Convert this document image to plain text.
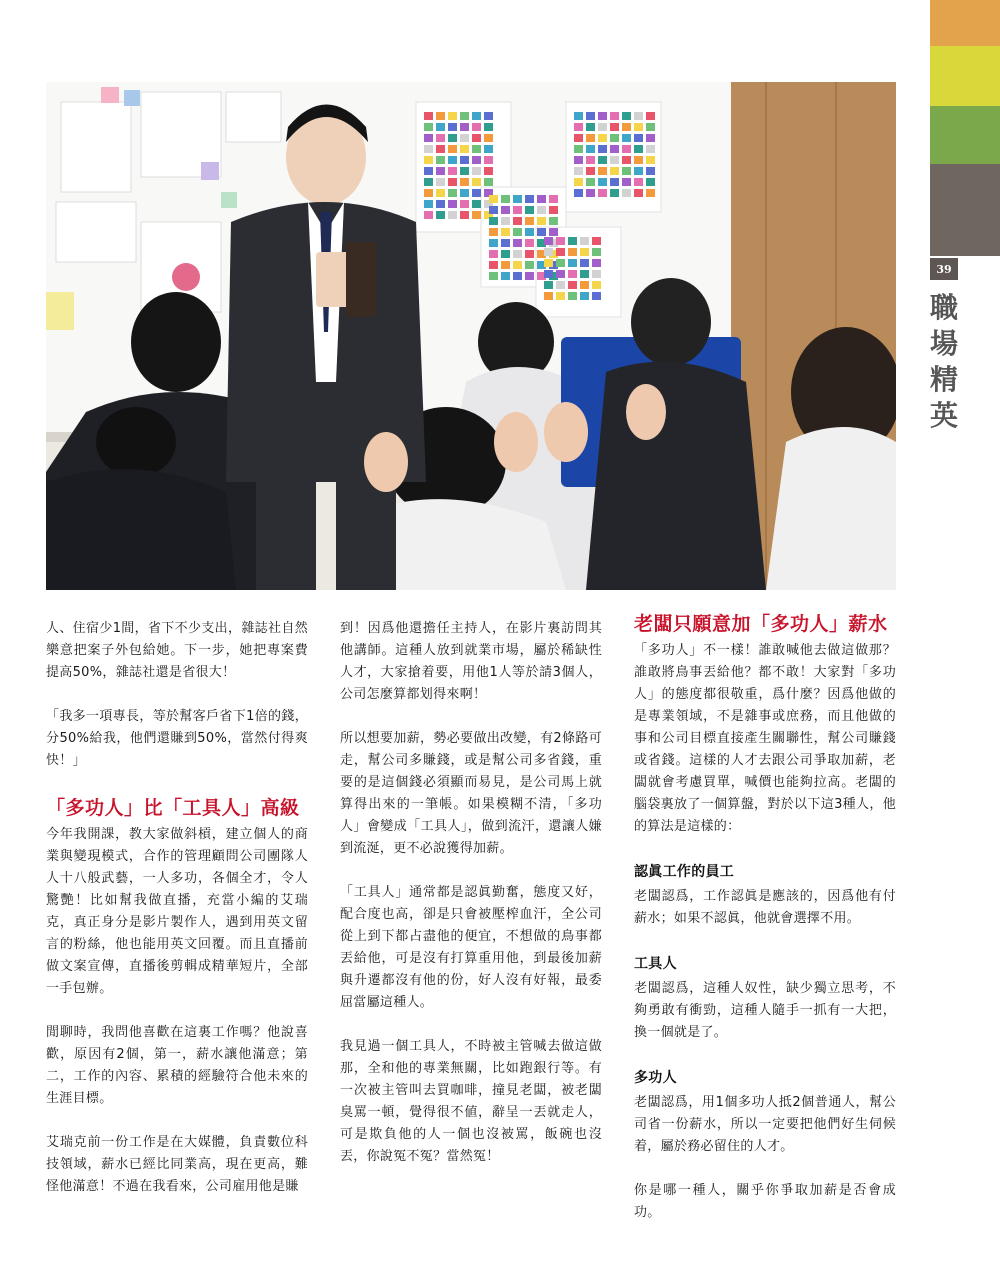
39
職
場
精
英

人、住宿少1間，省下不少支出，雜誌社自然樂意把案子外包給她。下一步，她把專案費提高50%，雜誌社還是省很大！

「我多一項專長，等於幫客戶省下1倍的錢，分50%給我，他們還賺到50%，當然付得爽快！」

「多功人」比「工具人」高級

今年我開課，教大家做斜槓，建立個人的商業與變現模式，合作的管理顧問公司團隊人人十八般武藝，一人多功，各個全才，令人驚艷！比如幫我做直播，充當小編的艾瑞克，真正身分是影片製作人，遇到用英文留言的粉絲，他也能用英文回覆。而且直播前做文案宣傳，直播後剪輯成精華短片，全部一手包辦。

閒聊時，我問他喜歡在這裏工作嗎？他說喜歡，原因有2個，第一，薪水讓他滿意；第二，工作的內容、累積的經驗符合他未來的生涯目標。

艾瑞克前一份工作是在大媒體，負責數位科技領域，薪水已經比同業高，現在更高，難怪他滿意！不過在我看來，公司雇用他是賺

到！因爲他還擔任主持人，在影片裏訪問其他講師。這種人放到就業市場，屬於稀缺性人才，大家搶着要，用他1人等於請3個人，公司怎麼算都划得來啊！

所以想要加薪，勢必要做出改變，有2條路可走，幫公司多賺錢，或是幫公司多省錢，重要的是這個錢必須顯而易見，是公司馬上就算得出來的一筆帳。如果模糊不清，「多功人」會變成「工具人」，做到流汗，還讓人嫌到流涎，更不必說獲得加薪。

「工具人」通常都是認眞勤奮，態度又好，配合度也高，卻是只會被壓榨血汗，全公司從上到下都占盡他的便宜，不想做的鳥事都丟給他，可是沒有打算重用他，到最後加薪與升遷都沒有他的份，好人沒有好報，最委屈當屬這種人。

我見過一個工具人，不時被主管喊去做這做那，全和他的專業無關，比如跑銀行等。有一次被主管叫去買咖啡，撞見老闆，被老闆臭罵一頓，覺得很不値，辭呈一丟就走人，可是欺負他的人一個也沒被罵，飯碗也沒丟，你說冤不冤？當然冤！

老闆只願意加「多功人」薪水

「多功人」不一樣！誰敢喊他去做這做那？誰敢將鳥事丟給他？都不敢！大家對「多功人」的態度都很敬重，爲什麼？因爲他做的是專業領域，不是雜事或庶務，而且他做的事和公司目標直接產生關聯性，幫公司賺錢或省錢。這樣的人才去跟公司爭取加薪，老闆就會考慮買單，喊價也能夠拉高。老闆的腦袋裏放了一個算盤，對於以下這3種人，他的算法是這樣的：

認眞工作的員工

老闆認爲，工作認眞是應該的，因爲他有付薪水；如果不認眞，他就會選擇不用。

工具人

老闆認爲，這種人奴性，缺少獨立思考，不夠勇敢有衝勁，這種人隨手一抓有一大把，換一個就是了。

多功人

老闆認爲，用1個多功人抵2個普通人，幫公司省一份薪水，所以一定要把他們好生伺候着，屬於務必留住的人才。

你是哪一種人，關乎你爭取加薪是否會成功。
